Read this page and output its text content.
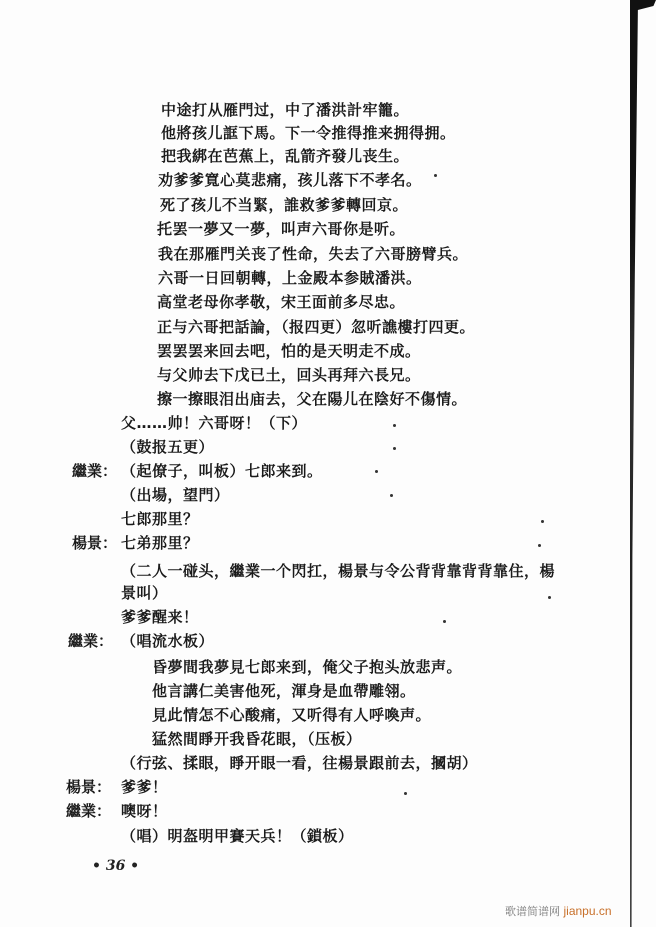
中途打从雁門过，中了潘洪計牢籠。
他將孩儿誆下馬。下一令推得推来拥得拥。
把我綁在芭蕉上，乱箭齐發儿丧生。
劝爹爹寬心莫悲痛，孩儿落下不孝名。
死了孩儿不当緊，誰救爹爹轉回京。
托罢一夢又一夢，叫声六哥你是听。
我在那雁門关丧了性命，失去了六哥膀臂兵。
六哥一日回朝轉，上金殿本参賊潘洪。
高堂老母你孝敬，宋王面前多尽忠。
正与六哥把話論，（报四更）忽听譙樓打四更。
罢罢罢来回去吧，怕的是天明走不成。
与父帅去下戊已土，回头再拜六長兄。
擦一擦眼泪出庙去，父在陽儿在陰好不傷情。
父……帅！六哥呀！（下）
（鼓报五更）
繼業： （起僚子，叫板）七郎来到。
（出場，望門）
七郎那里？
楊景： 七弟那里？
（二人一碰头，繼業一个閃扛，楊景与令公背背靠背背靠住，楊
景叫）
爹爹醒来！
繼業： （唱流水板）
昏夢間我夢見七郎来到，俺父子抱头放悲声。
他言講仁美害他死，渾身是血帶雕翎。
見此情怎不心酸痛，又听得有人呼喚声。
猛然間睜开我昏花眼，（压板）
（行弦、揉眼，睜开眼一看，往楊景跟前去，摑胡）
楊景： 爹爹！
繼業： 噢呀！
（唱）明盔明甲賽天兵！（鎖板）
• 36 •
歌谱简谱网 jianpu.cn
